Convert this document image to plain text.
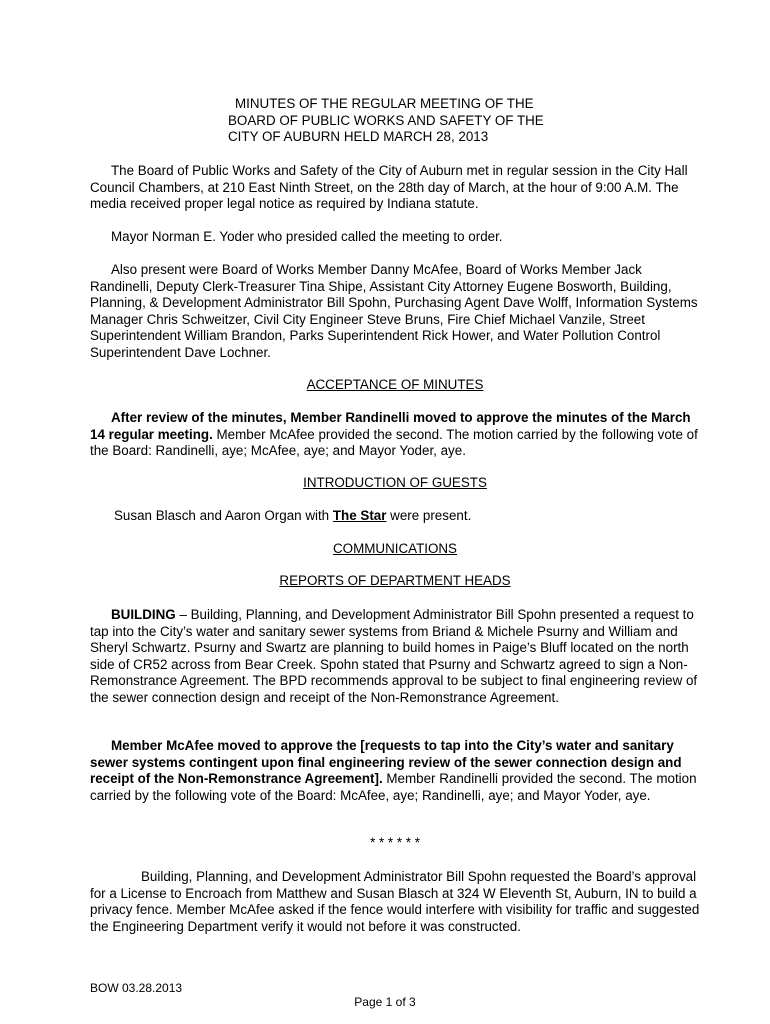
MINUTES OF THE REGULAR MEETING OF THE
BOARD OF PUBLIC WORKS AND SAFETY OF THE
CITY OF AUBURN HELD MARCH 28, 2013

The Board of Public Works and Safety of the City of Auburn met in regular session in the City Hall Council Chambers, at 210 East Ninth Street, on the 28th day of March, at the hour of 9:00 A.M. The media received proper legal notice as required by Indiana statute.

Mayor Norman E. Yoder who presided called the meeting to order.

Also present were Board of Works Member Danny McAfee, Board of Works Member Jack Randinelli, Deputy Clerk-Treasurer Tina Shipe, Assistant City Attorney Eugene Bosworth, Building, Planning, & Development Administrator Bill Spohn, Purchasing Agent Dave Wolff, Information Systems Manager Chris Schweitzer, Civil City Engineer Steve Bruns, Fire Chief Michael Vanzile, Street Superintendent William Brandon, Parks Superintendent Rick Hower, and Water Pollution Control Superintendent Dave Lochner.

ACCEPTANCE OF MINUTES

After review of the minutes, Member Randinelli moved to approve the minutes of the March 14 regular meeting. Member McAfee provided the second. The motion carried by the following vote of the Board: Randinelli, aye; McAfee, aye; and Mayor Yoder, aye.

INTRODUCTION OF GUESTS

Susan Blasch and Aaron Organ with The Star were present.

COMMUNICATIONS
REPORTS OF DEPARTMENT HEADS

BUILDING – Building, Planning, and Development Administrator Bill Spohn presented a request to tap into the City’s water and sanitary sewer systems from Briand & Michele Psurny and William and Sheryl Schwartz. Psurny and Swartz are planning to build homes in Paige’s Bluff located on the north side of CR52 across from Bear Creek. Spohn stated that Psurny and Schwartz agreed to sign a Non-Remonstrance Agreement. The BPD recommends approval to be subject to final engineering review of the sewer connection design and receipt of the Non-Remonstrance Agreement.

Member McAfee moved to approve the [requests to tap into the City’s water and sanitary sewer systems contingent upon final engineering review of the sewer connection design and receipt of the Non-Remonstrance Agreement]. Member Randinelli provided the second. The motion carried by the following vote of the Board: McAfee, aye; Randinelli, aye; and Mayor Yoder, aye.

* * * * * *

Building, Planning, and Development Administrator Bill Spohn requested the Board’s approval for a License to Encroach from Matthew and Susan Blasch at 324 W Eleventh St, Auburn, IN to build a privacy fence. Member McAfee asked if the fence would interfere with visibility for traffic and suggested the Engineering Department verify it would not before it was constructed.

BOW 03.28.2013
Page 1 of 3
